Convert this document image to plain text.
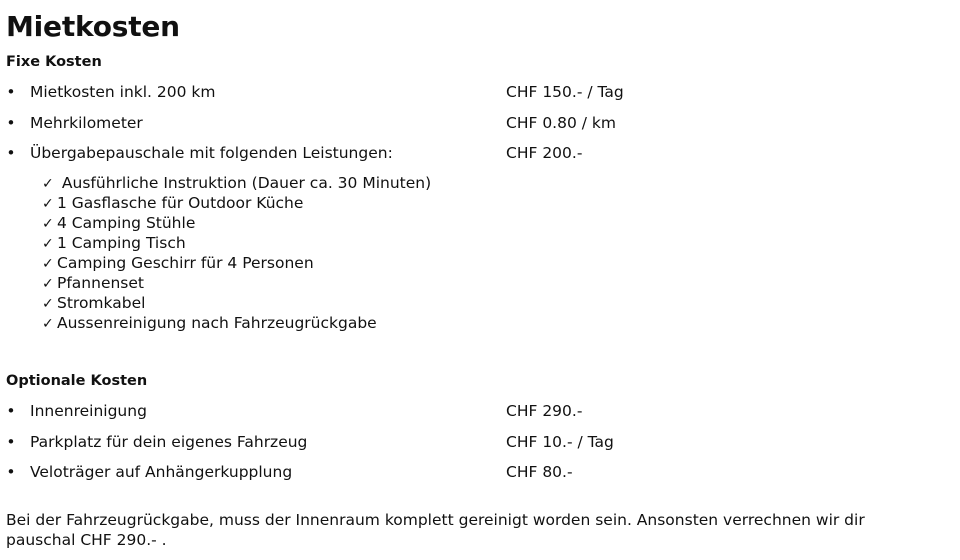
Mietkosten
Fixe Kosten
• Mietkosten inkl. 200 km	CHF 150.- / Tag
• Mehrkilometer	CHF 0.80 / km
• Übergabepauschale mit folgenden Leistungen:	CHF 200.-
✓ Ausführliche Instruktion (Dauer ca. 30 Minuten)
✓ 1 Gasflasche für Outdoor Küche
✓ 4 Camping Stühle
✓ 1 Camping Tisch
✓ Camping Geschirr für 4 Personen
✓ Pfannenset
✓ Stromkabel
✓ Aussenreinigung nach Fahrzeugrückgabe
Optionale Kosten
• Innenreinigung	CHF 290.-
• Parkplatz für dein eigenes Fahrzeug	CHF 10.- / Tag
• Veloträger auf Anhängerkupplung	CHF 80.-

Bei der Fahrzeugrückgabe, muss der Innenraum komplett gereinigt worden sein. Ansonsten verrechnen wir dir pauschal CHF 290.- .
